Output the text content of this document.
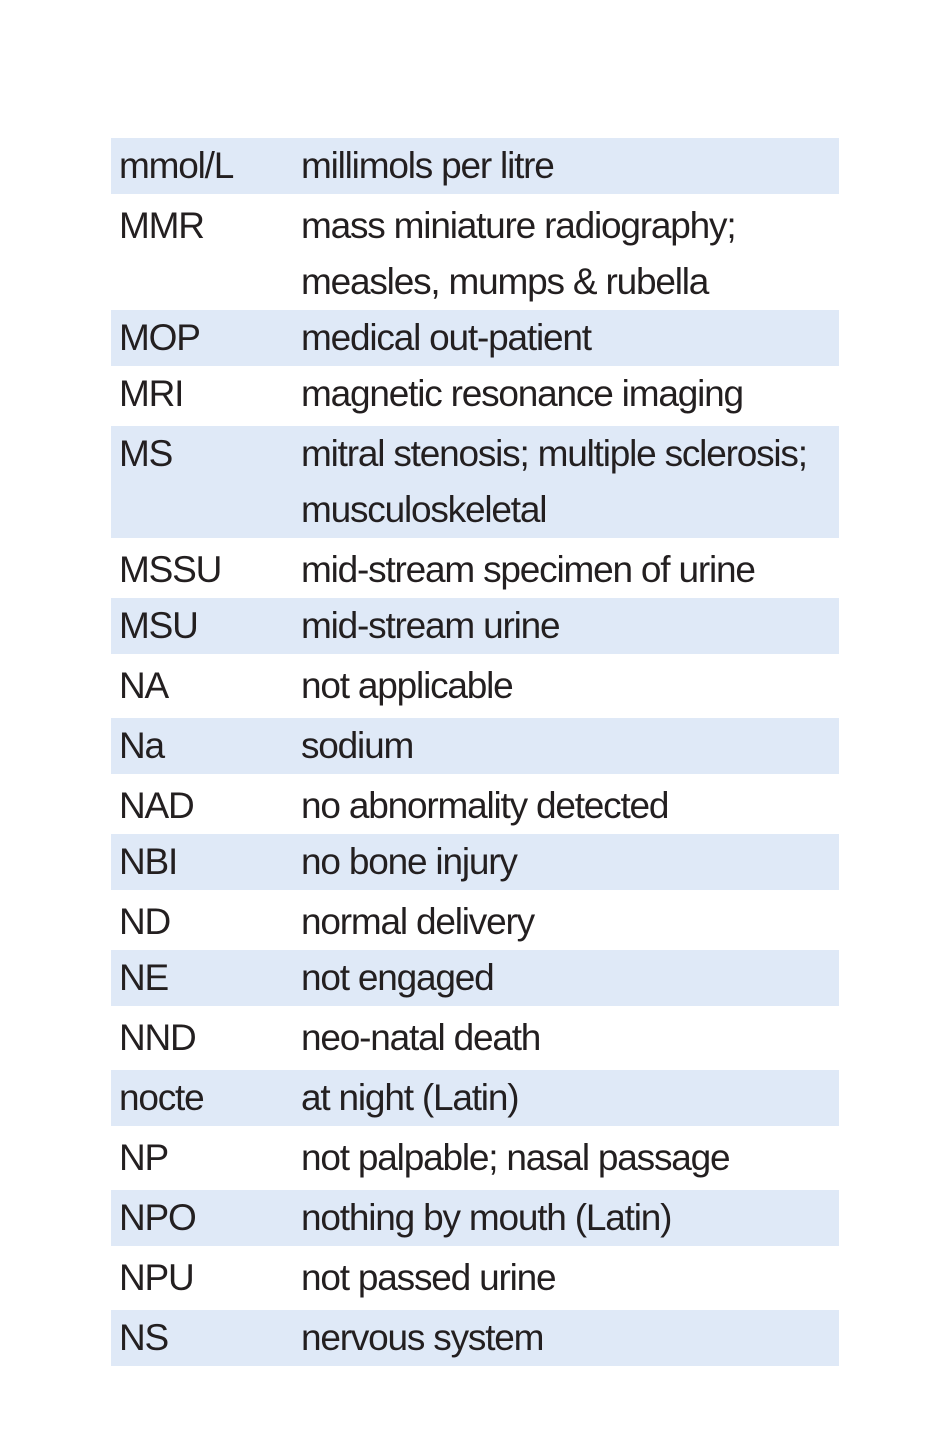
mmol/L	millimols per litre
MMR	mass miniature radiography;
measles, mumps & rubella
MOP	medical out-patient
MRI	magnetic resonance imaging
MS	mitral stenosis; multiple sclerosis;
musculoskeletal
MSSU	mid-stream specimen of urine
MSU	mid-stream urine
NA	not applicable
Na	sodium
NAD	no abnormality detected
NBI	no bone injury
ND	normal delivery
NE	not engaged
NND	neo-natal death
nocte	at night (Latin)
NP	not palpable; nasal passage
NPO	nothing by mouth (Latin)
NPU	not passed urine
NS	nervous system
